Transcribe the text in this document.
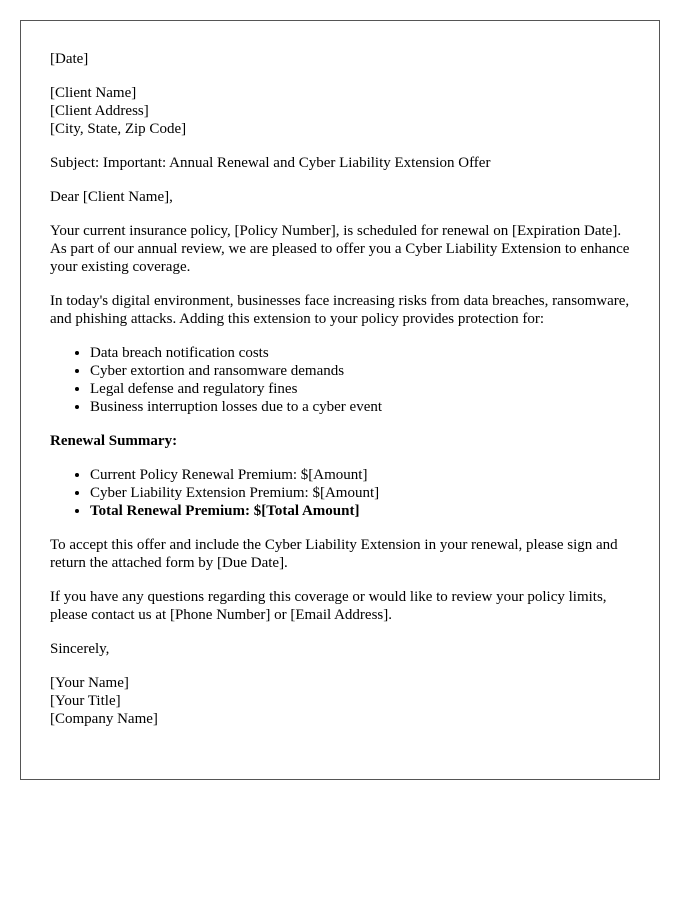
[Date]

[Client Name]
[Client Address]
[City, State, Zip Code]

Subject: Important: Annual Renewal and Cyber Liability Extension Offer

Dear [Client Name],

Your current insurance policy, [Policy Number], is scheduled for renewal on [Expiration Date]. As part of our annual review, we are pleased to offer you a Cyber Liability Extension to enhance your existing coverage.

In today's digital environment, businesses face increasing risks from data breaches, ransomware, and phishing attacks. Adding this extension to your policy provides protection for:

• Data breach notification costs
• Cyber extortion and ransomware demands
• Legal defense and regulatory fines
• Business interruption losses due to a cyber event

Renewal Summary:

• Current Policy Renewal Premium: $[Amount]
• Cyber Liability Extension Premium: $[Amount]
• Total Renewal Premium: $[Total Amount]

To accept this offer and include the Cyber Liability Extension in your renewal, please sign and return the attached form by [Due Date].

If you have any questions regarding this coverage or would like to review your policy limits, please contact us at [Phone Number] or [Email Address].

Sincerely,

[Your Name]
[Your Title]
[Company Name]
